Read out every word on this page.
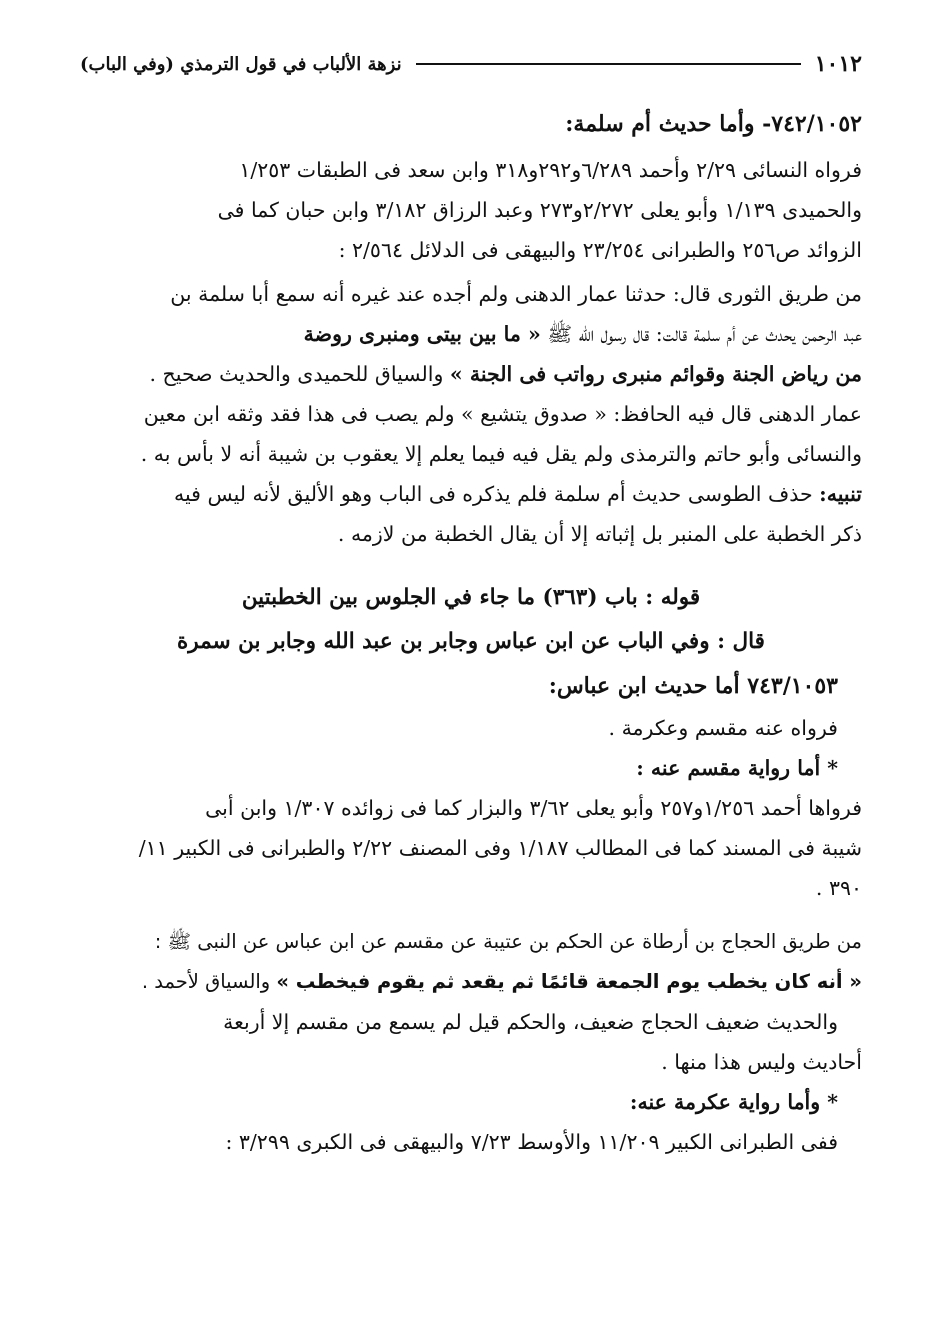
١٠١٢
نزهة الألباب في قول الترمذي (وفي الباب)

٧٤٢/١٠٥٢- وأما حديث أم سلمة:

فرواه النسائى ٢/٢٩ وأحمد ٦/٢٨٩و٢٩٢و٣١٨ وابن سعد فى الطبقات ١/٢٥٣

والحميدى ١/١٣٩ وأبو يعلى ٢/٢٧٢و٢٧٣ وعبد الرزاق ٣/١٨٢ وابن حبان كما فى

الزوائد ص٢٥٦ والطبرانى ٢٣/٢٥٤ والبيهقى فى الدلائل ٢/٥٦٤ :

من طريق الثورى قال: حدثنا عمار الدهنى ولم أجده عند غيره أنه سمع أبا سلمة بن

عبد الرحمن يحدث عن أم سلمة قالت: قال رسول الله ﷺ « ما بين بيتى ومنبرى روضة

من رياض الجنة وقوائم منبرى رواتب فى الجنة » والسياق للحميدى والحديث صحيح .

عمار الدهنى قال فيه الحافظ: « صدوق يتشيع » ولم يصب فى هذا فقد وثقه ابن معين

والنسائى وأبو حاتم والترمذى ولم يقل فيه فيما يعلم إلا يعقوب بن شيبة أنه لا بأس به .

تنبيه: حذف الطوسى حديث أم سلمة فلم يذكره فى الباب وهو الأليق لأنه ليس فيه

ذكر الخطبة على المنبر بل إثباته إلا أن يقال الخطبة من لازمه .

قوله : باب (٣٦٣) ما جاء في الجلوس بين الخطبتين

قال : وفي الباب عن ابن عباس وجابر بن عبد الله وجابر بن سمرة

٧٤٣/١٠٥٣ أما حديث ابن عباس:

فرواه عنه مقسم وعكرمة .

* أما رواية مقسم عنه :

فرواها أحمد ١/٢٥٦و٢٥٧ وأبو يعلى ٣/٦٢ والبزار كما فى زوائده ١/٣٠٧ وابن أبى

شيبة فى المسند كما فى المطالب ١/١٨٧ وفى المصنف ٢/٢٢ والطبرانى فى الكبير ١١/

٣٩٠ .

من طريق الحجاج بن أرطاة عن الحكم بن عتيبة عن مقسم عن ابن عباس عن النبى ﷺ :

« أنه كان يخطب يوم الجمعة قائمًا ثم يقعد ثم يقوم فيخطب » والسياق لأحمد .

والحديث ضعيف الحجاج ضعيف، والحكم قيل لم يسمع من مقسم إلا أربعة

أحاديث وليس هذا منها .

* وأما رواية عكرمة عنه:

ففى الطبرانى الكبير ١١/٢٠٩ والأوسط ٧/٢٣ والبيهقى فى الكبرى ٣/٢٩٩ :
